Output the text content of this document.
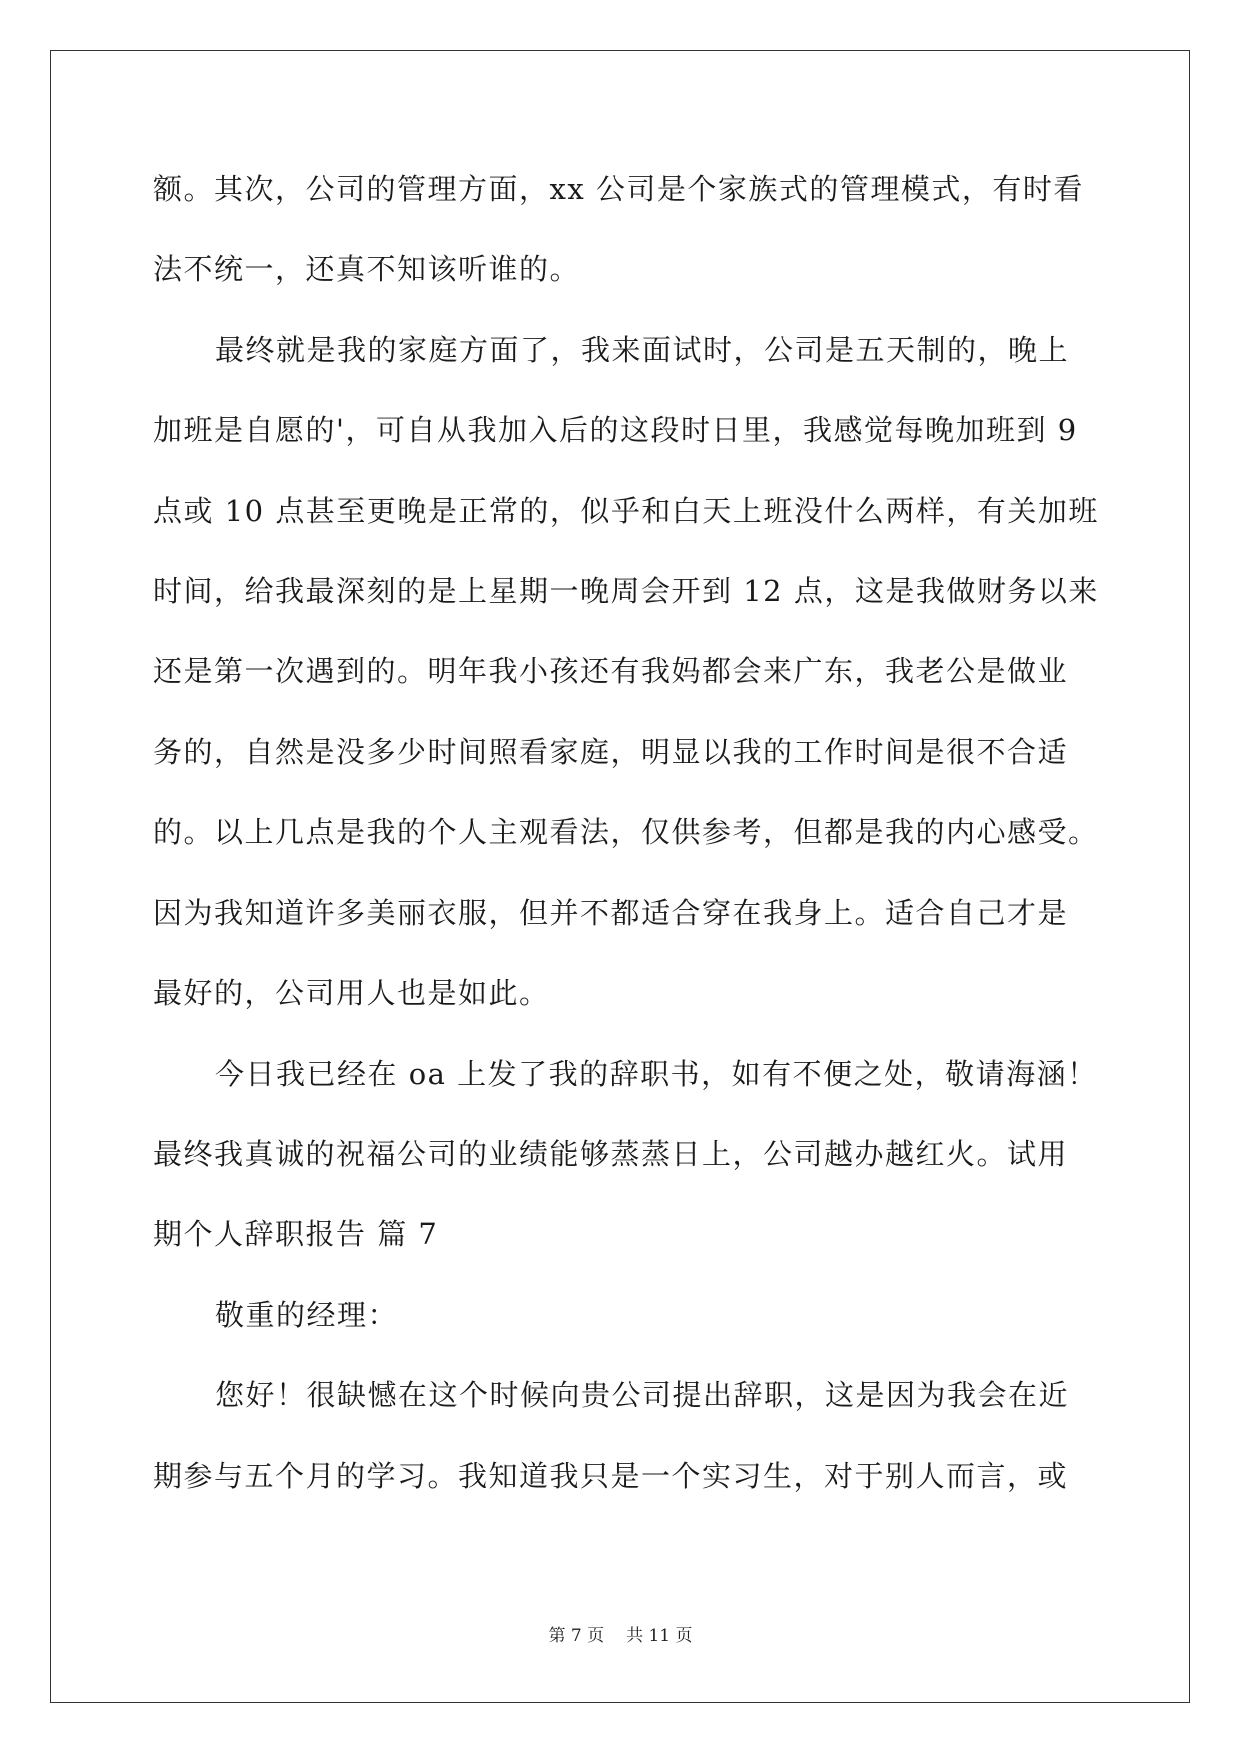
额。其次，公司的管理方面，xx 公司是个家族式的管理模式，有时看

法不统一，还真不知该听谁的。

最终就是我的家庭方面了，我来面试时，公司是五天制的，晚上

加班是自愿的'，可自从我加入后的这段时日里，我感觉每晚加班到 9

点或 10 点甚至更晚是正常的，似乎和白天上班没什么两样，有关加班

时间，给我最深刻的是上星期一晚周会开到 12 点，这是我做财务以来

还是第一次遇到的。明年我小孩还有我妈都会来广东，我老公是做业

务的，自然是没多少时间照看家庭，明显以我的工作时间是很不合适

的。以上几点是我的个人主观看法，仅供参考，但都是我的内心感受。

因为我知道许多美丽衣服，但并不都适合穿在我身上。适合自己才是

最好的，公司用人也是如此。

今日我已经在 oa 上发了我的辞职书，如有不便之处，敬请海涵！

最终我真诚的祝福公司的业绩能够蒸蒸日上，公司越办越红火。试用

期个人辞职报告 篇 7

敬重的经理：

您好！很缺憾在这个时候向贵公司提出辞职，这是因为我会在近

期参与五个月的学习。我知道我只是一个实习生，对于别人而言，或

第 7 页 共 11 页
